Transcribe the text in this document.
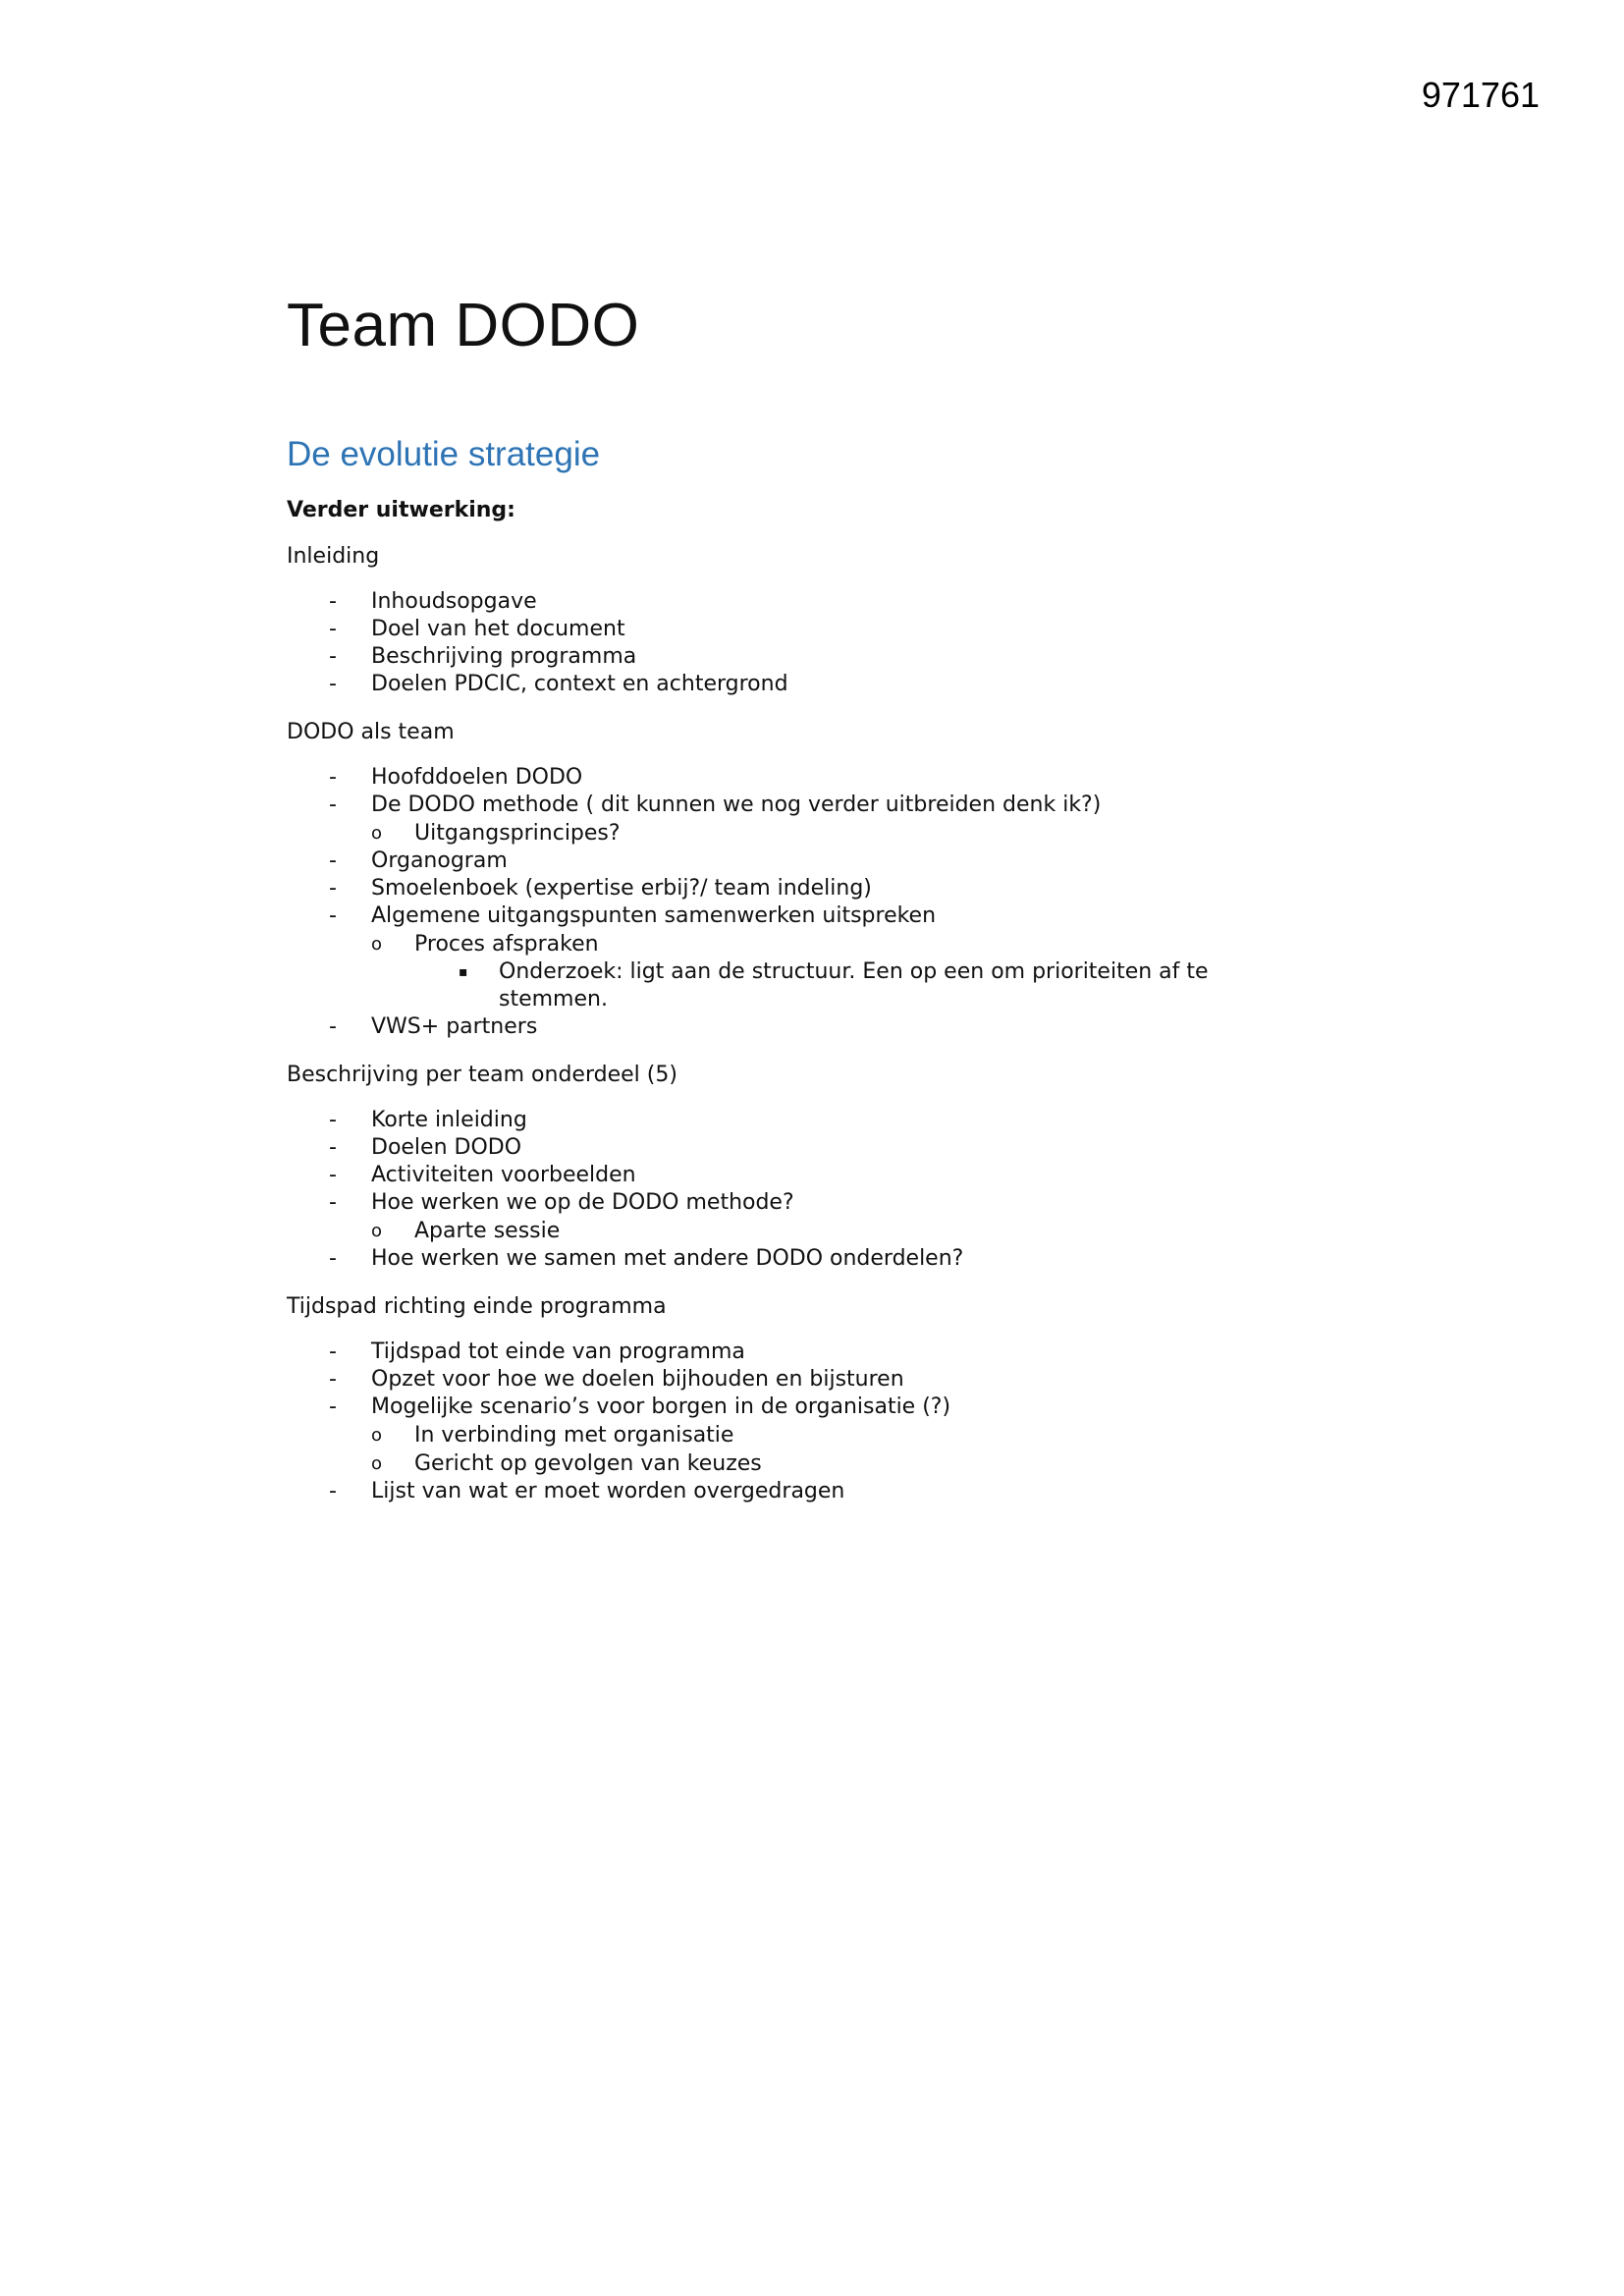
971761
Team DODO
De evolutie strategie
Verder uitwerking:
Inleiding
- Inhoudsopgave
- Doel van het document
- Beschrijving programma
- Doelen PDCIC, context en achtergrond
DODO als team
- Hoofddoelen DODO
- De DODO methode ( dit kunnen we nog verder uitbreiden denk ik?)
o Uitgangsprincipes?
- Organogram
- Smoelenboek (expertise erbij?/ team indeling)
- Algemene uitgangspunten samenwerken uitspreken
o Proces afspraken
▪ Onderzoek: ligt aan de structuur. Een op een om prioriteiten af te stemmen.
- VWS+ partners
Beschrijving per team onderdeel (5)
- Korte inleiding
- Doelen DODO
- Activiteiten voorbeelden
- Hoe werken we op de DODO methode?
o Aparte sessie
- Hoe werken we samen met andere DODO onderdelen?
Tijdspad richting einde programma
- Tijdspad tot einde van programma
- Opzet voor hoe we doelen bijhouden en bijsturen
- Mogelijke scenario’s voor borgen in de organisatie (?)
o In verbinding met organisatie
o Gericht op gevolgen van keuzes
- Lijst van wat er moet worden overgedragen
